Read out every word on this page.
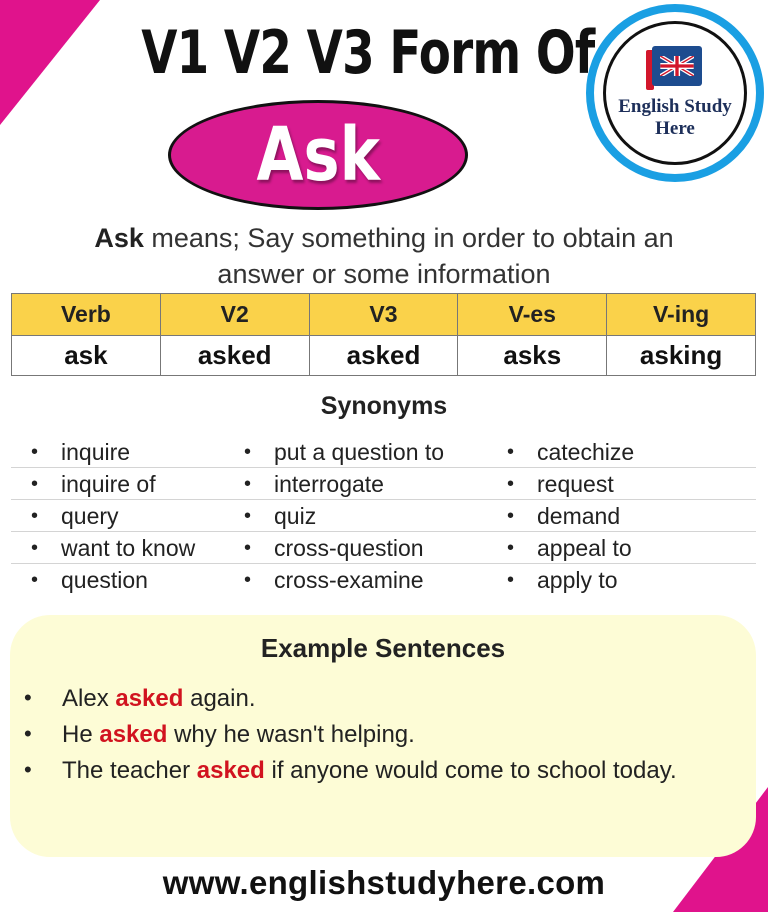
V1 V2 V3 Form Of
Ask
English Study
Here
Ask means; Say something in order to obtain an
answer or some information
Verb	V2	V3	V-es	V-ing
ask	asked	asked	asks	asking
Synonyms
• inquire	• put a question to	• catechize
• inquire of	• interrogate	• request
• query	• quiz	• demand
• want to know • cross-question	• appeal to
• question	• cross-examine	• apply to
Example Sentences
• Alex asked again.
• He asked why he wasn't helping.
• The teacher asked if anyone would come to school today.
www.englishstudyhere.com
